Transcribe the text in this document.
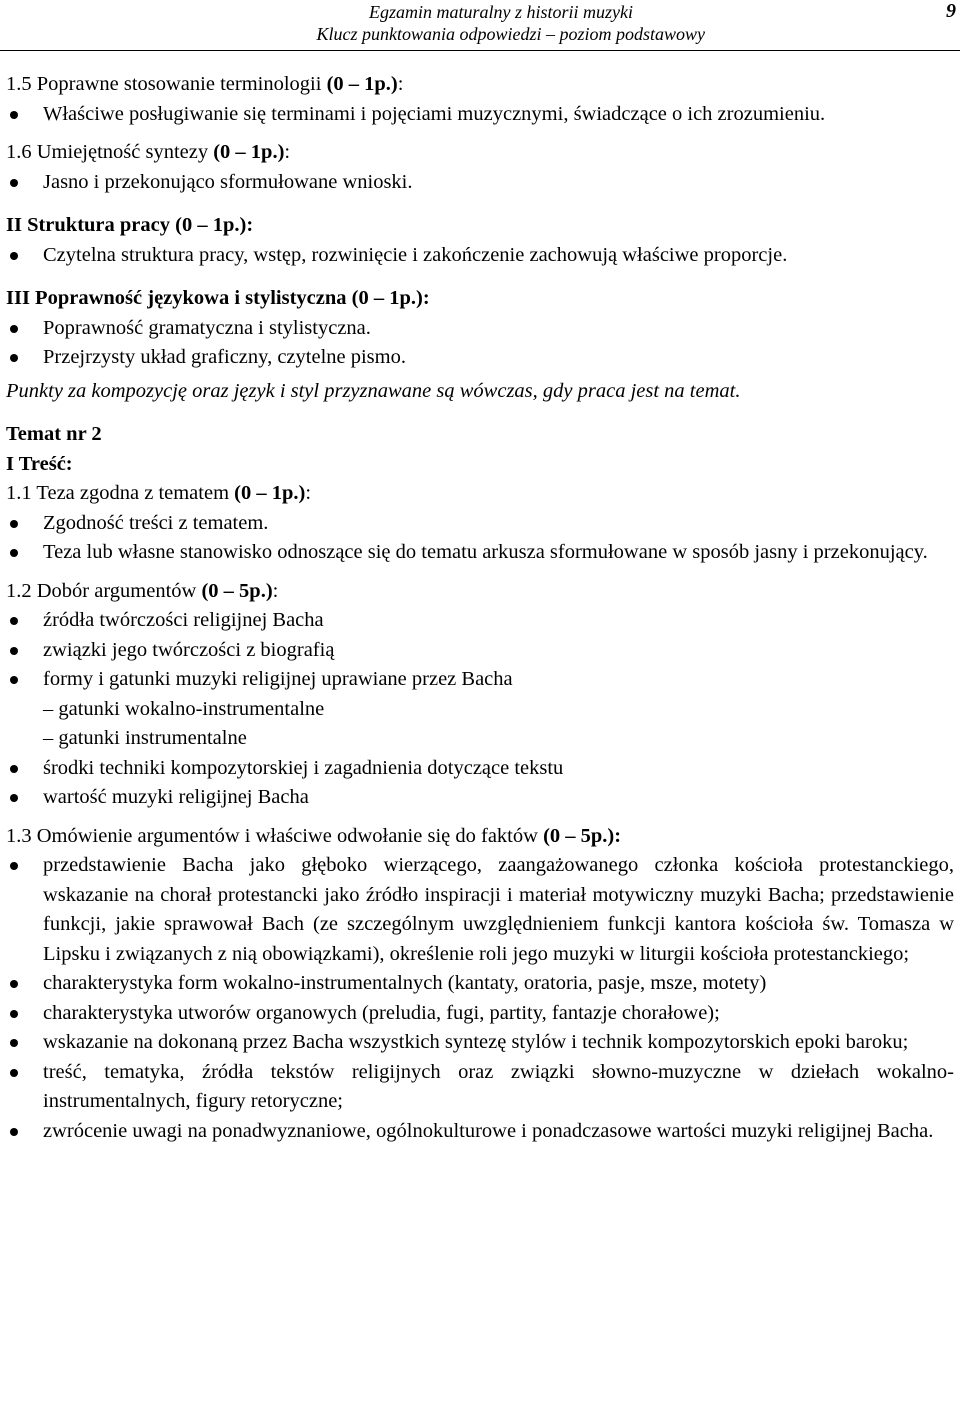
Egzamin maturalny z historii muzyki
Klucz punktowania odpowiedzi – poziom podstawowy
9

1.5 Poprawne stosowanie terminologii (0 – 1p.):

Właściwe posługiwanie się terminami i pojęciami muzycznymi, świadczące o ich zrozumieniu.

1.6 Umiejętność syntezy (0 – 1p.):

Jasno i przekonująco sformułowane wnioski.

II Struktura pracy (0 – 1p.):

Czytelna struktura pracy, wstęp, rozwinięcie i zakończenie zachowują właściwe proporcje.

III Poprawność językowa i stylistyczna (0 – 1p.):

Poprawność gramatyczna i stylistyczna.

Przejrzysty układ graficzny, czytelne pismo.

Punkty za kompozycję oraz język i styl przyznawane są wówczas, gdy praca jest na temat.

Temat nr 2

I Treść:

1.1 Teza zgodna z tematem (0 – 1p.):

Zgodność treści z tematem.

Teza lub własne stanowisko odnoszące się do tematu arkusza sformułowane w sposób jasny i przekonujący.

1.2 Dobór argumentów (0 – 5p.):

źródła twórczości religijnej Bacha

związki jego twórczości z biografią

formy i gatunki muzyki religijnej uprawiane przez Bacha

– gatunki wokalno-instrumentalne

– gatunki instrumentalne

środki techniki kompozytorskiej i zagadnienia dotyczące tekstu

wartość muzyki religijnej Bacha

1.3 Omówienie argumentów i właściwe odwołanie się do faktów (0 – 5p.):

przedstawienie Bacha jako głęboko wierzącego, zaangażowanego członka kościoła protestanckiego, wskazanie na chorał protestancki jako źródło inspiracji i materiał motywiczny muzyki Bacha; przedstawienie funkcji, jakie sprawował Bach (ze szczególnym uwzględnieniem funkcji kantora kościoła św. Tomasza w Lipsku i związanych z nią obowiązkami), określenie roli jego muzyki w liturgii kościoła protestanckiego;

charakterystyka form wokalno-instrumentalnych (kantaty, oratoria, pasje, msze, motety)

charakterystyka utworów organowych (preludia, fugi, partity, fantazje chorałowe);

wskazanie na dokonaną przez Bacha wszystkich syntezę stylów i technik kompozytorskich epoki baroku;

treść, tematyka, źródła tekstów religijnych oraz związki słowno-muzyczne w dziełach wokalno-instrumentalnych, figury retoryczne;

zwrócenie uwagi na ponadwyznaniowe, ogólnokulturowe i ponadczasowe wartości muzyki religijnej Bacha.
